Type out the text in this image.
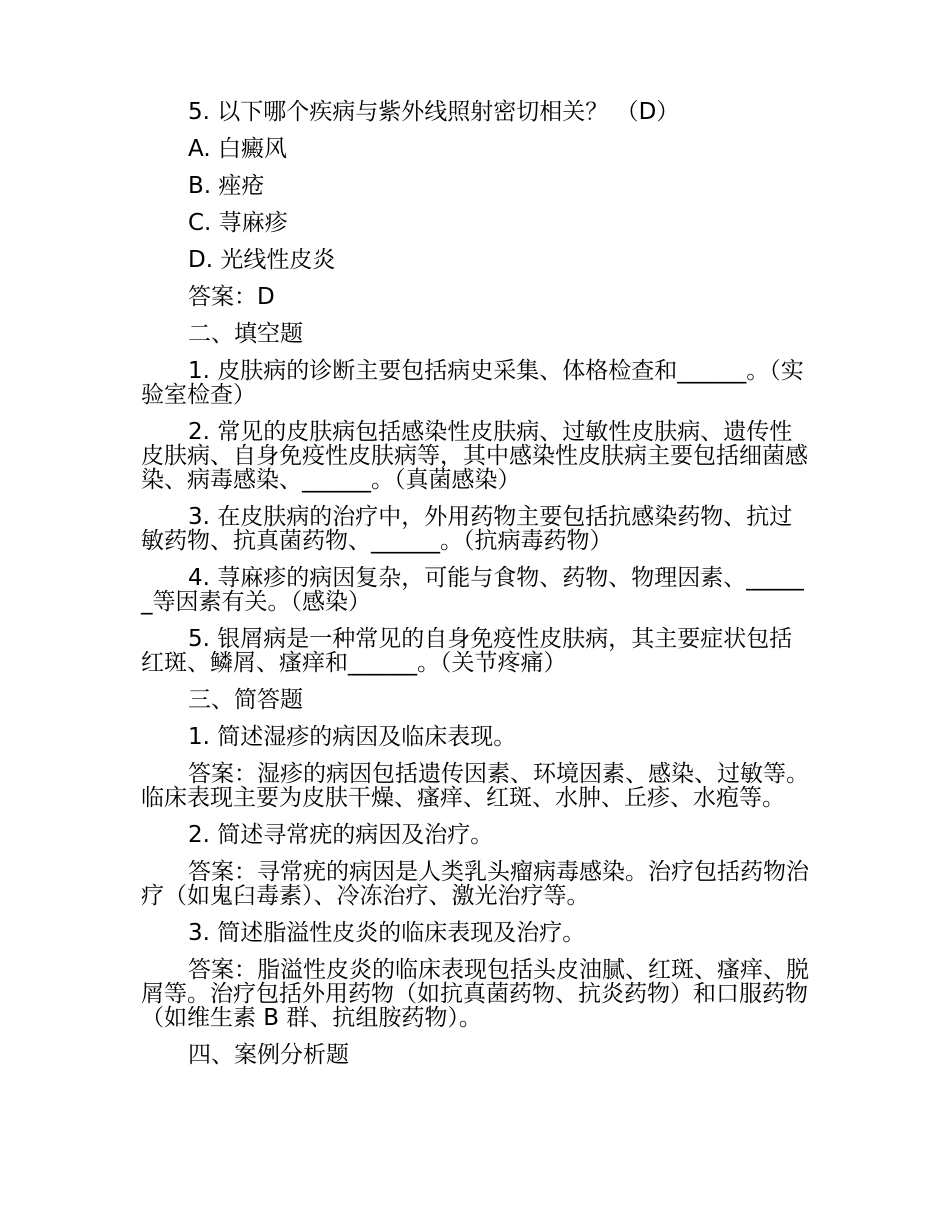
5. 以下哪个疾病与紫外线照射密切相关？ （D）
A. 白癜风
B. 痤疮
C. 荨麻疹
D. 光线性皮炎
答案：D
二、填空题
1. 皮肤病的诊断主要包括病史采集、体格检查和______。（实验室检查）
2. 常见的皮肤病包括感染性皮肤病、过敏性皮肤病、遗传性皮肤病、自身免疫性皮肤病等，其中感染性皮肤病主要包括细菌感染、病毒感染、______。（真菌感染）
3. 在皮肤病的治疗中，外用药物主要包括抗感染药物、抗过敏药物、抗真菌药物、______。（抗病毒药物）
4. 荨麻疹的病因复杂，可能与食物、药物、物理因素、______等因素有关。（感染）
5. 银屑病是一种常见的自身免疫性皮肤病，其主要症状包括红斑、鳞屑、瘙痒和______。（关节疼痛）
三、简答题
1. 简述湿疹的病因及临床表现。
答案：湿疹的病因包括遗传因素、环境因素、感染、过敏等。临床表现主要为皮肤干燥、瘙痒、红斑、水肿、丘疹、水疱等。
2. 简述寻常疣的病因及治疗。
答案：寻常疣的病因是人类乳头瘤病毒感染。治疗包括药物治疗（如鬼臼毒素）、冷冻治疗、激光治疗等。
3. 简述脂溢性皮炎的临床表现及治疗。
答案：脂溢性皮炎的临床表现包括头皮油腻、红斑、瘙痒、脱屑等。治疗包括外用药物（如抗真菌药物、抗炎药物）和口服药物（如维生素 B 群、抗组胺药物）。
四、案例分析题
